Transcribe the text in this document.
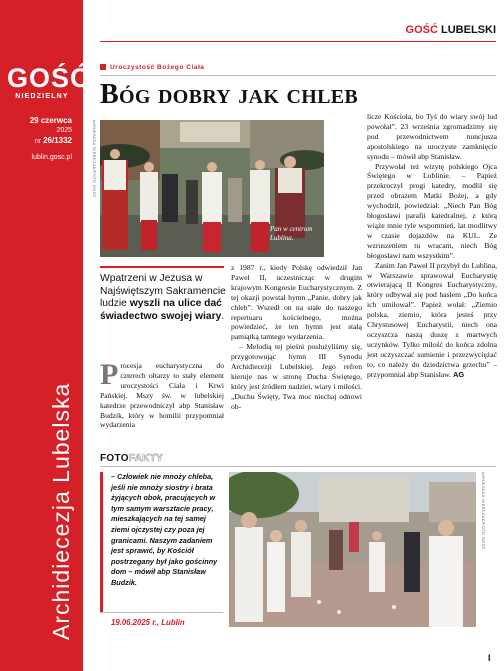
GOŚĆ
NIEDZIELNY
29 czerwca
2025
nr 26/1332
lublin.gosc.pl
Archidiecezja Lubelska
GOŚĆ LUBELSKI
Uroczystość Bożego Ciała
Bóg dobry jak chleb
AGNIESZKA GIERCZAK/FOTO GOŚĆ
Pan w centrum Lublina.
Wpatrzeni w Jezusa w Najświętszym Sakramencie ludzie wyszli na ulice dać świadectwo swojej wiary.

Procesja eucharystyczna do czterech ołtarzy to stały element uroczystości Ciała i Krwi Pańskiej. Mszy św. w lubelskiej katedrze przewodniczył abp Stanisław Budzik, który w homilii przypomniał wydarzenia

z 1987 r., kiedy Polskę odwiedził Jan Paweł II, uczestnicząc w drugim krajowym Kongresie Eucharystycznym. Z tej okazji powstał hymn „Panie, dobry jak chleb”. Wszedł on na stałe do naszego repertuaru kościelnego, można powiedzieć, że ten hymn jest stałą pamiątką tamtego wydarzenia.

– Melodią tej pieśni posłużyliśmy się, przygotowując hymn III Synodu Archidiecezji Lubelskiej. Jego refren kieruje nas w stronę Ducha Świętego, który jest źródłem nadziei, wiary i miłości. „Duchu Święty, Twa moc niechaj odnowi ob-

licze Kościoła, bo Tyś do wiary swój lud powołał”. 23 września zgromadzimy się pod przewodnictwem nuncjusza apostolskiego na uroczyste zamknięcie synodu – mówił abp Stanisław.

Przywołał też wizytę polskiego Ojca Świętego w Lublinie. – Papież przekroczył progi katedry, modlił się przed obrazem Matki Bożej, a gdy wychodził, powiedział: „Niech Pan Bóg błogosławi parafii katedralnej, z którą wiąże mnie tyle wspomnień, lat modlitwy w czasie dojazdów na KUL. Ze wzruszeniem tu wracam, niech Bóg błogosławi nam wszystkim”.

Zanim Jan Paweł II przybył do Lublina, w Warszawie sprawował Eucharystię otwierającą II Kongres Eucharystyczny, który odbywał się pod hasłem „Do końca ich umiłował”. Papież wołał: „Ziemio polska, ziemio, która jesteś przy Chrystusowej Eucharystii, niech ona oczyszcza naszą duszę z martwych uczynków. Tylko miłość do końca zdolna jest oczyszczać sumienie i przezwyciężać to, co należy do dziedzictwa grzechu” – przypomniał abp Stanisław. AG

FOTOFAKTY
– Człowiek nie mnoży chleba, jeśli nie mnoży siostry i brata żyjących obok, pracujących w tym samym warsztacie pracy, mieszkających na tej samej ziemi ojczystej czy poza jej granicami. Naszym zadaniem jest sprawić, by Kościół postrzegany był jako gościnny dom – mówił abp Stanisław Budzik.
19.06.2025 r., Lublin
AGNIESZKA GIERCZAK/FOTO GOŚĆ
I
